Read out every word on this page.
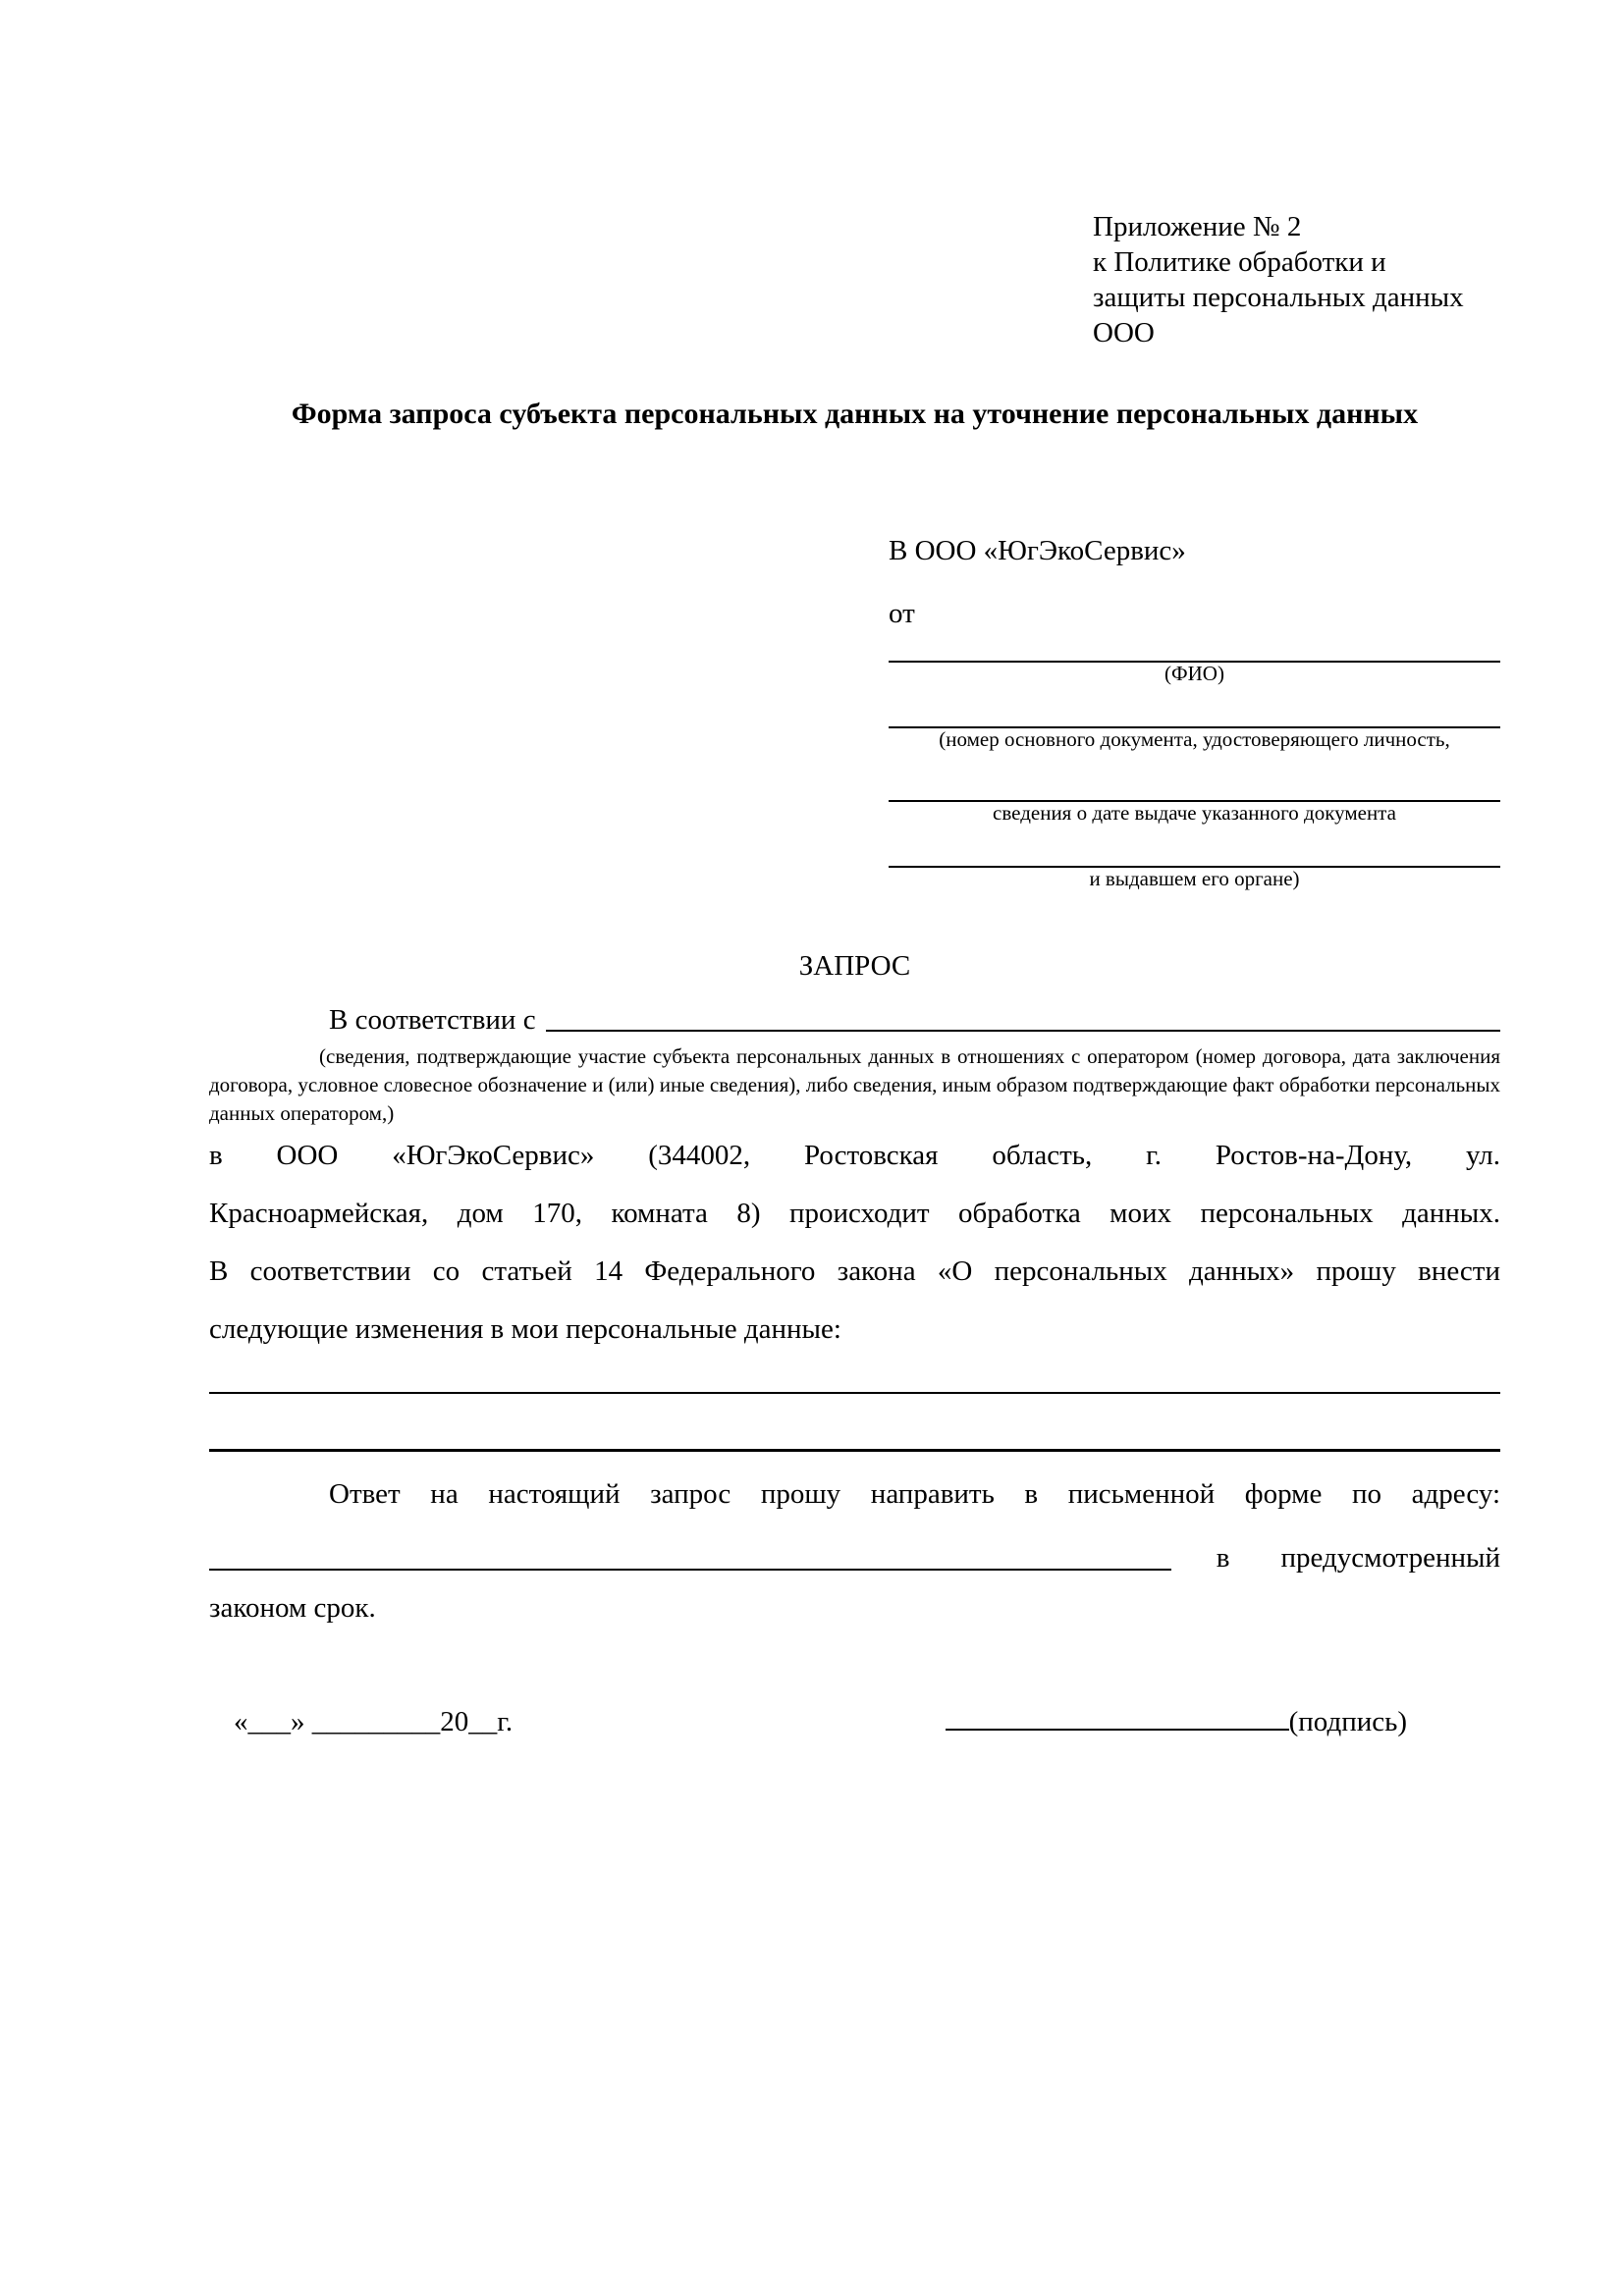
Приложение № 2
к Политике обработки и
защиты персональных данных
ООО
Форма запроса субъекта персональных данных на уточнение персональных данных
В ООО «ЮгЭкоСервис»
от
(ФИО)
(номер основного документа, удостоверяющего личность,
сведения о дате выдаче указанного документа
и выдавшем его органе)
ЗАПРОС
В соответствии с
(сведения, подтверждающие участие субъекта персональных данных в отношениях с оператором (номер договора, дата заключения договора, условное словесное обозначение и (или) иные сведения), либо сведения, иным образом подтверждающие факт обработки персональных данных оператором,)
в ООО «ЮгЭкоСервис» (344002, Ростовская область, г. Ростов-на-Дону, ул.
Красноармейская, дом 170, комната 8) происходит обработка моих персональных данных.
В соответствии со статьей 14 Федерального закона «О персональных данных» прошу внести
следующие изменения в мои персональные данные:
Ответ на настоящий запрос прошу направить в письменной форме по адресу:
в предусмотренный
законом срок.
«___» _________20__г.	(подпись)
